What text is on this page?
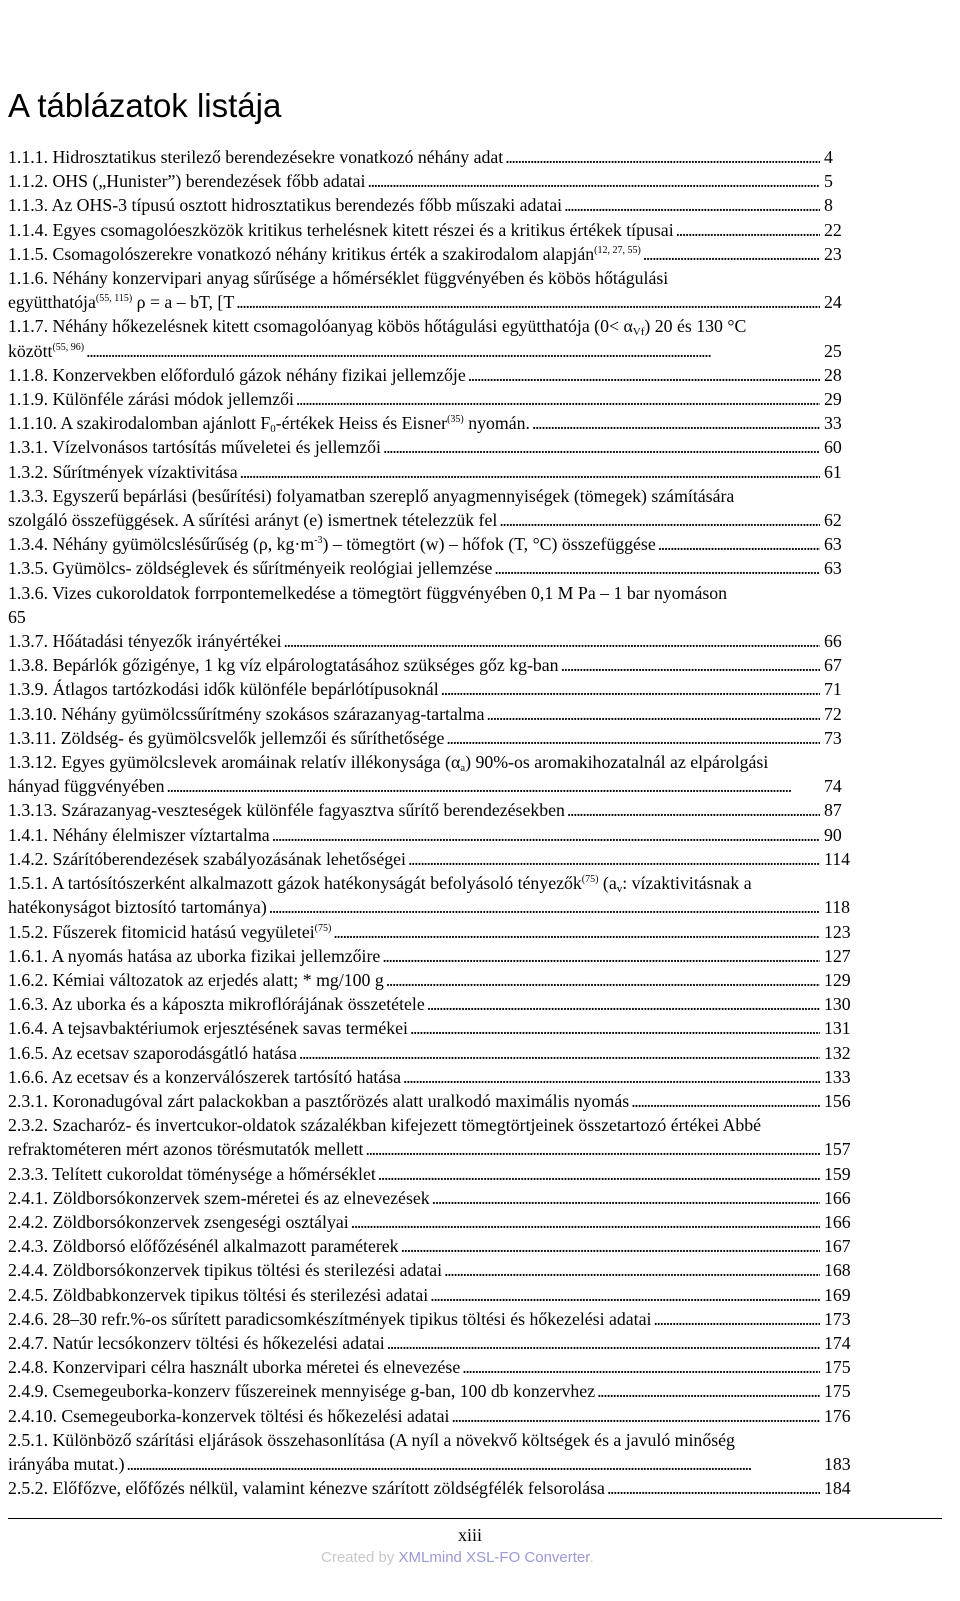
A táblázatok listája
1.1.1. Hidrosztatikus sterilező berendezésekre vonatkozó néhány adat . . .	4
1.1.2. OHS („Hunister”) berendezések főbb adatai . . .	5
1.1.3. Az OHS-3 típusú osztott hidrosztatikus berendezés főbb műszaki adatai . . .	8
1.1.4. Egyes csomagolóeszközök kritikus terhelésnek kitett részei és a kritikus értékek típusai . . .	22
1.1.5. Csomagolószerekre vonatkozó néhány kritikus érték a szakirodalom alapján$^{(12, 27, 55)}$ . . .	23
1.1.6. Néhány konzervipari anyag sűrűsége a hőmérséklet függvényében és köbös hőtágulási
együtthatója$^{(55, 115)}$ ρ = a – bT, [T . . .	24
1.1.7. Néhány hőkezelésnek kitett csomagolóanyag köbös hőtágulási együtthatója $(0< \alpha_{Vf})$ 20 és 130 °C
között$^{(55, 96)}$ . . .	25
1.1.8. Konzervekben előforduló gázok néhány fizikai jellemzője . . .	28
1.1.9. Különféle zárási módok jellemzői . . .	29
1.1.10. A szakirodalomban ajánlott $F_0$-értékek Heiss és Eisner$^{(35)}$ nyomán. . . .	33
1.3.1. Vízelvonásos tartósítás műveletei és jellemzői . . .	60
1.3.2. Sűrítmények vízaktivitása . . .	61
1.3.3. Egyszerű bepárlási (besűrítési) folyamatban szereplő anyagmennyiségek (tömegek) számítására
szolgáló összefüggések. A sűrítési arányt (e) ismertnek tételezzük fel . . .	62
1.3.4. Néhány gyümölcslésűrűség (ρ, $kg\cdot m^{-3}$) – tömegtört (w) – hőfok (T, °C) összefüggése . . .	63
1.3.5. Gyümölcs- zöldséglevek és sűrítményeik reológiai jellemzése . . .	63
1.3.6. Vizes cukoroldatok forrpontemelkedése a tömegtört függvényében 0,1 M Pa – 1 bar nyomáson
65
1.3.7. Hőátadási tényezők irányértékei . . .	66
1.3.8. Bepárlók gőzigénye, 1 kg víz elpárologtatásához szükséges gőz kg-ban . . .	67
1.3.9. Átlagos tartózkodási idők különféle bepárlótípusoknál . . .	71
1.3.10. Néhány gyümölcssűrítmény szokásos szárazanyag-tartalma . . .	72
1.3.11. Zöldség- és gyümölcsvelők jellemzői és sűríthetősége . . .	73
1.3.12. Egyes gyümölcslevek aromáinak relatív illékonysága $(\alpha_a)$ 90%-os aromakihozatalnál az elpárolgási
hányad függvényében . . .	74
1.3.13. Szárazanyag-veszteségek különféle fagyasztva sűrítő berendezésekben . . .	87
1.4.1. Néhány élelmiszer víztartalma . . .	90
1.4.2. Szárítóberendezések szabályozásának lehetőségei . . .	114
1.5.1. A tartósítószerként alkalmazott gázok hatékonyságát befolyásoló tényezők$^{(75)}$ ($a_v$: vízaktivitásnak a
hatékonyságot biztosító tartománya) . . .	118
1.5.2. Fűszerek fitomicid hatású vegyületei$^{(75)}$ . . .	123
1.6.1. A nyomás hatása az uborka fizikai jellemzőire . . .	127
1.6.2. Kémiai változatok az erjedés alatt; * mg/100 g . . .	129
1.6.3. Az uborka és a káposzta mikroflórájának összetétele . . .	130
1.6.4. A tejsavbaktériumok erjesztésének savas termékei . . .	131
1.6.5. Az ecetsav szaporodásgátló hatása . . .	132
1.6.6. Az ecetsav és a konzerválószerek tartósító hatása . . .	133
2.3.1. Koronadugóval zárt palackokban a pasztőrözés alatt uralkodó maximális nyomás . . .	156
2.3.2. Szacharóz- és invertcukor-oldatok százalékban kifejezett tömegtörtjeinek összetartozó értékei Abbé
refraktométeren mért azonos törésmutatók mellett . . .	157
2.3.3. Telített cukoroldat töménysége a hőmérséklet . . .	159
2.4.1. Zöldborsókonzervek szem-méretei és az elnevezések . . .	166
2.4.2. Zöldborsókonzervek zsengeségi osztályai . . .	166
2.4.3. Zöldborsó előfőzésénél alkalmazott paraméterek . . .	167
2.4.4. Zöldborsókonzervek tipikus töltési és sterilezési adatai . . .	168
2.4.5. Zöldbabkonzervek tipikus töltési és sterilezési adatai . . .	169
2.4.6. 28–30 refr.%-os sűrített paradicsomkészítmények tipikus töltési és hőkezelési adatai . . .	173
2.4.7. Natúr lecsókonzerv töltési és hőkezelési adatai . . .	174
2.4.8. Konzervipari célra használt uborka méretei és elnevezése . . .	175
2.4.9. Csemegeuborka-konzerv fűszereinek mennyisége g-ban, 100 db konzervhez . . .	175
2.4.10. Csemegeuborka-konzervek töltési és hőkezelési adatai . . .	176
2.5.1. Különböző szárítási eljárások összehasonlítása (A nyíl a növekvő költségek és a javuló minőség
irányába mutat.) . . .	183
2.5.2. Előfőzve, előfőzés nélkül, valamint kénezve szárított zöldségfélék felsorolása . . .	184
xiii
Created by XMLmind XSL-FO Converter.
